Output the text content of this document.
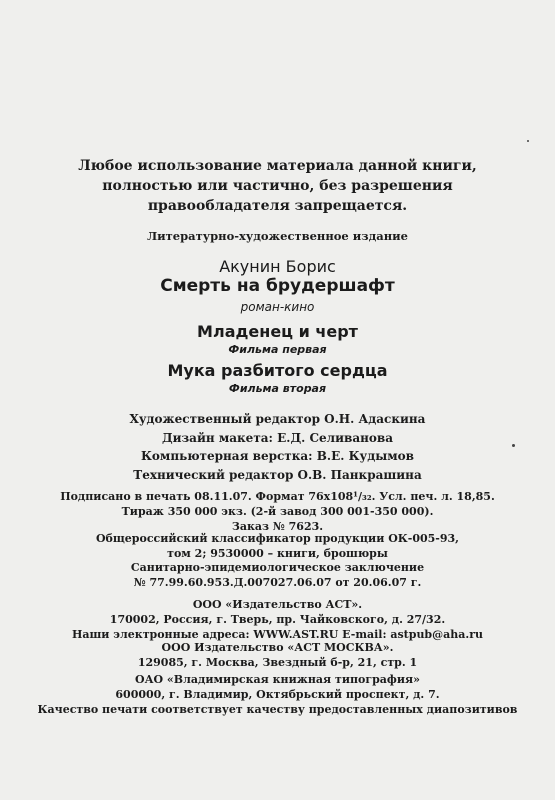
Любое использование материала данной книги,
полностью или частично, без разрешения
правообладателя запрещается.
Литературно-художественное издание
Акунин Борис
Смерть на брудершафт
роман-кино
Младенец и черт
Фильма первая
Мука разбитого сердца
Фильма вторая
Художественный редактор О.Н. Адаскина
Дизайн макета: Е.Д. Селиванова
Компьютерная верстка: В.Е. Кудымов
Технический редактор О.В. Панкрашина
Подписано в печать 08.11.07. Формат 76х108¹/₃₂. Усл. печ. л. 18,85.
Тираж 350 000 экз. (2-й завод 300 001-350 000).
Заказ № 7623.
Общероссийский классификатор продукции ОК-005-93,
том 2; 9530000 – книги, брошюры
Санитарно-эпидемиологическое заключение
№ 77.99.60.953.Д.007027.06.07 от 20.06.07 г.
ООО «Издательство АСТ».
170002, Россия, г. Тверь, пр. Чайковского, д. 27/32.
Наши электронные адреса: WWW.AST.RU E-mail: astpub@aha.ru
ООО Издательство «АСТ МОСКВА».
129085, г. Москва, Звездный б-р, 21, стр. 1
ОАО «Владимирская книжная типография»
600000, г. Владимир, Октябрьский проспект, д. 7.
Качество печати соответствует качеству предоставленных диапозитивов
